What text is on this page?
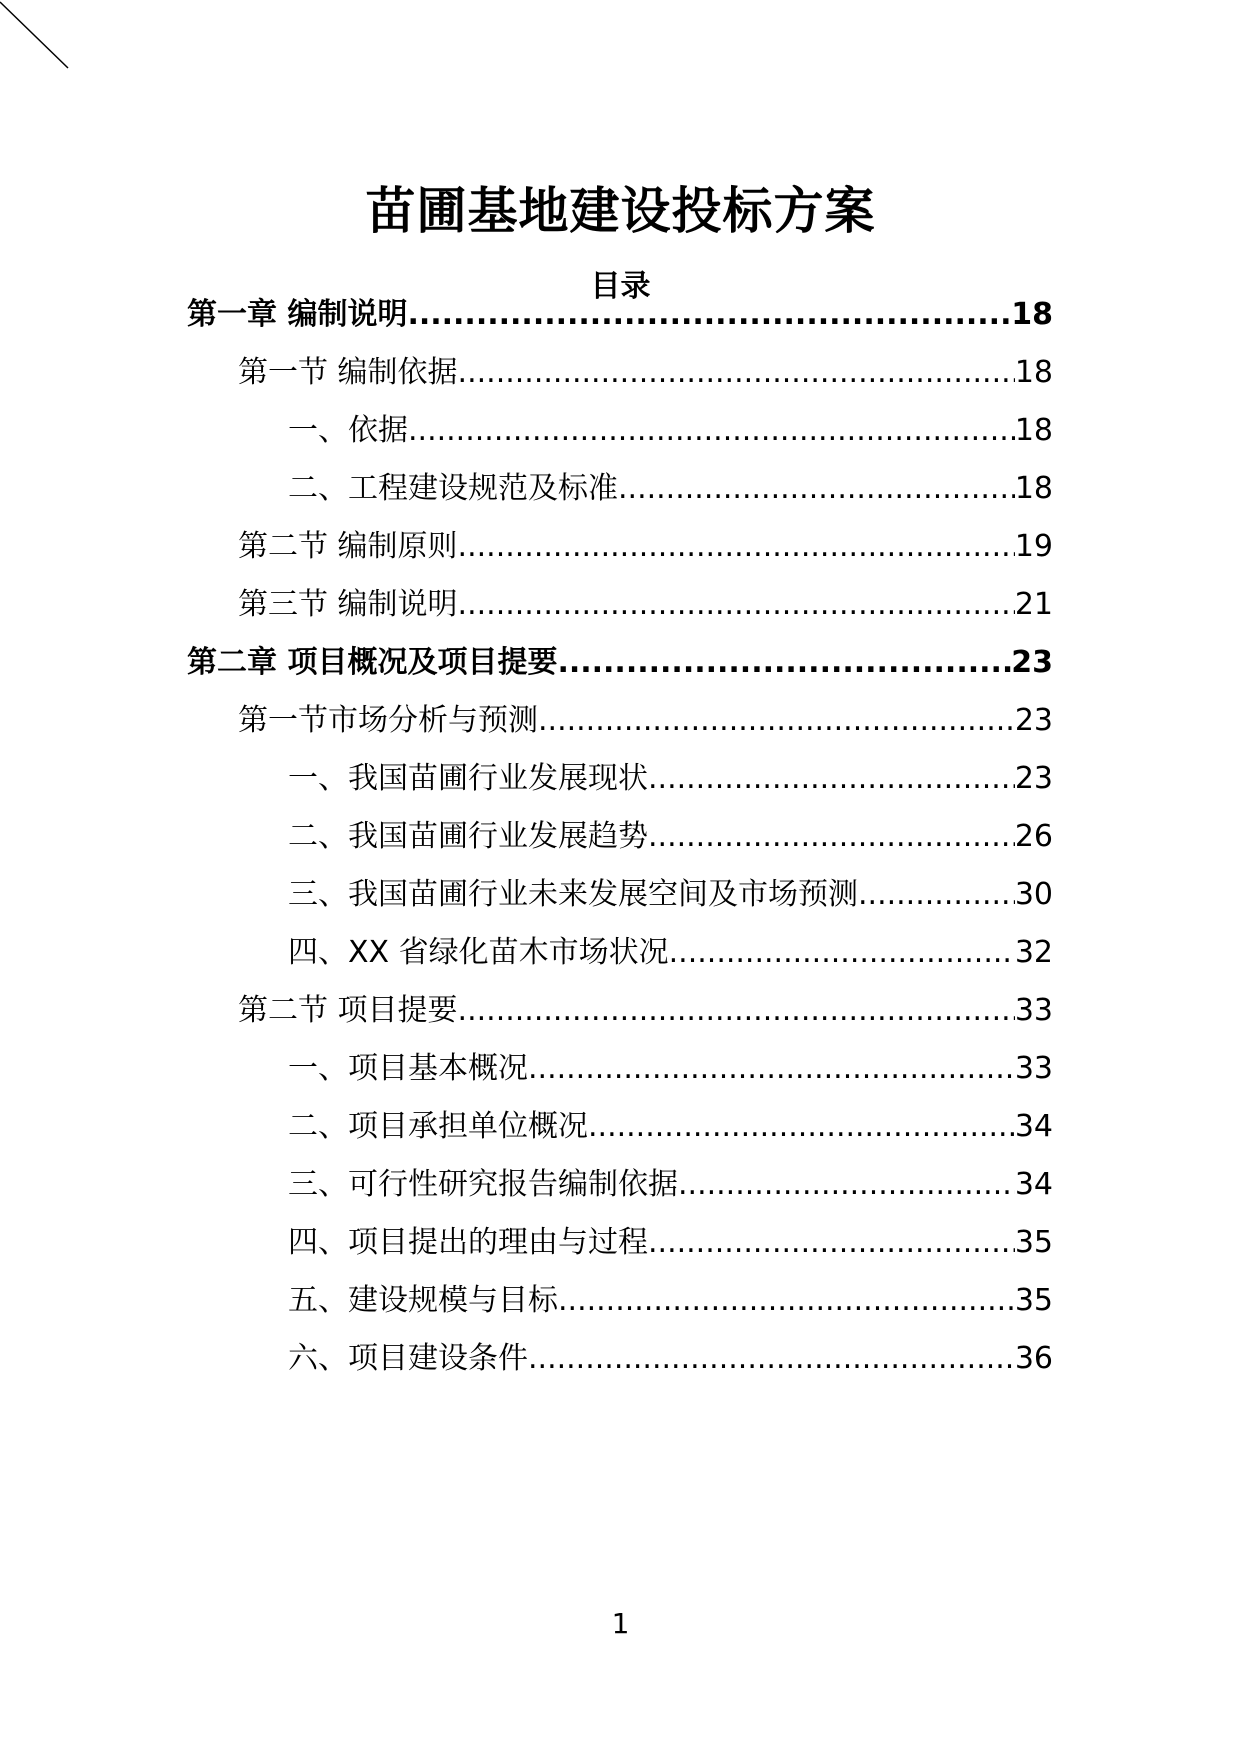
苗圃基地建设投标方案
目录
第一章 编制说明 .....	18
第一节 编制依据 .....	18
一、依据 .....	18
二、工程建设规范及标准 .....	18
第二节 编制原则 .....	19
第三节 编制说明 .....	21
第二章 项目概况及项目提要 .....	23
第一节市场分析与预测 .....	23
一、我国苗圃行业发展现状 .....	23
二、我国苗圃行业发展趋势 .....	26
三、我国苗圃行业未来发展空间及市场预测 .....	30
四、XX 省绿化苗木市场状况 .....	32
第二节 项目提要 .....	33
一、项目基本概况 .....	33
二、项目承担单位概况 .....	34
三、可行性研究报告编制依据 .....	34
四、项目提出的理由与过程 .....	35
五、建设规模与目标 .....	35
六、项目建设条件 .....	36
1
